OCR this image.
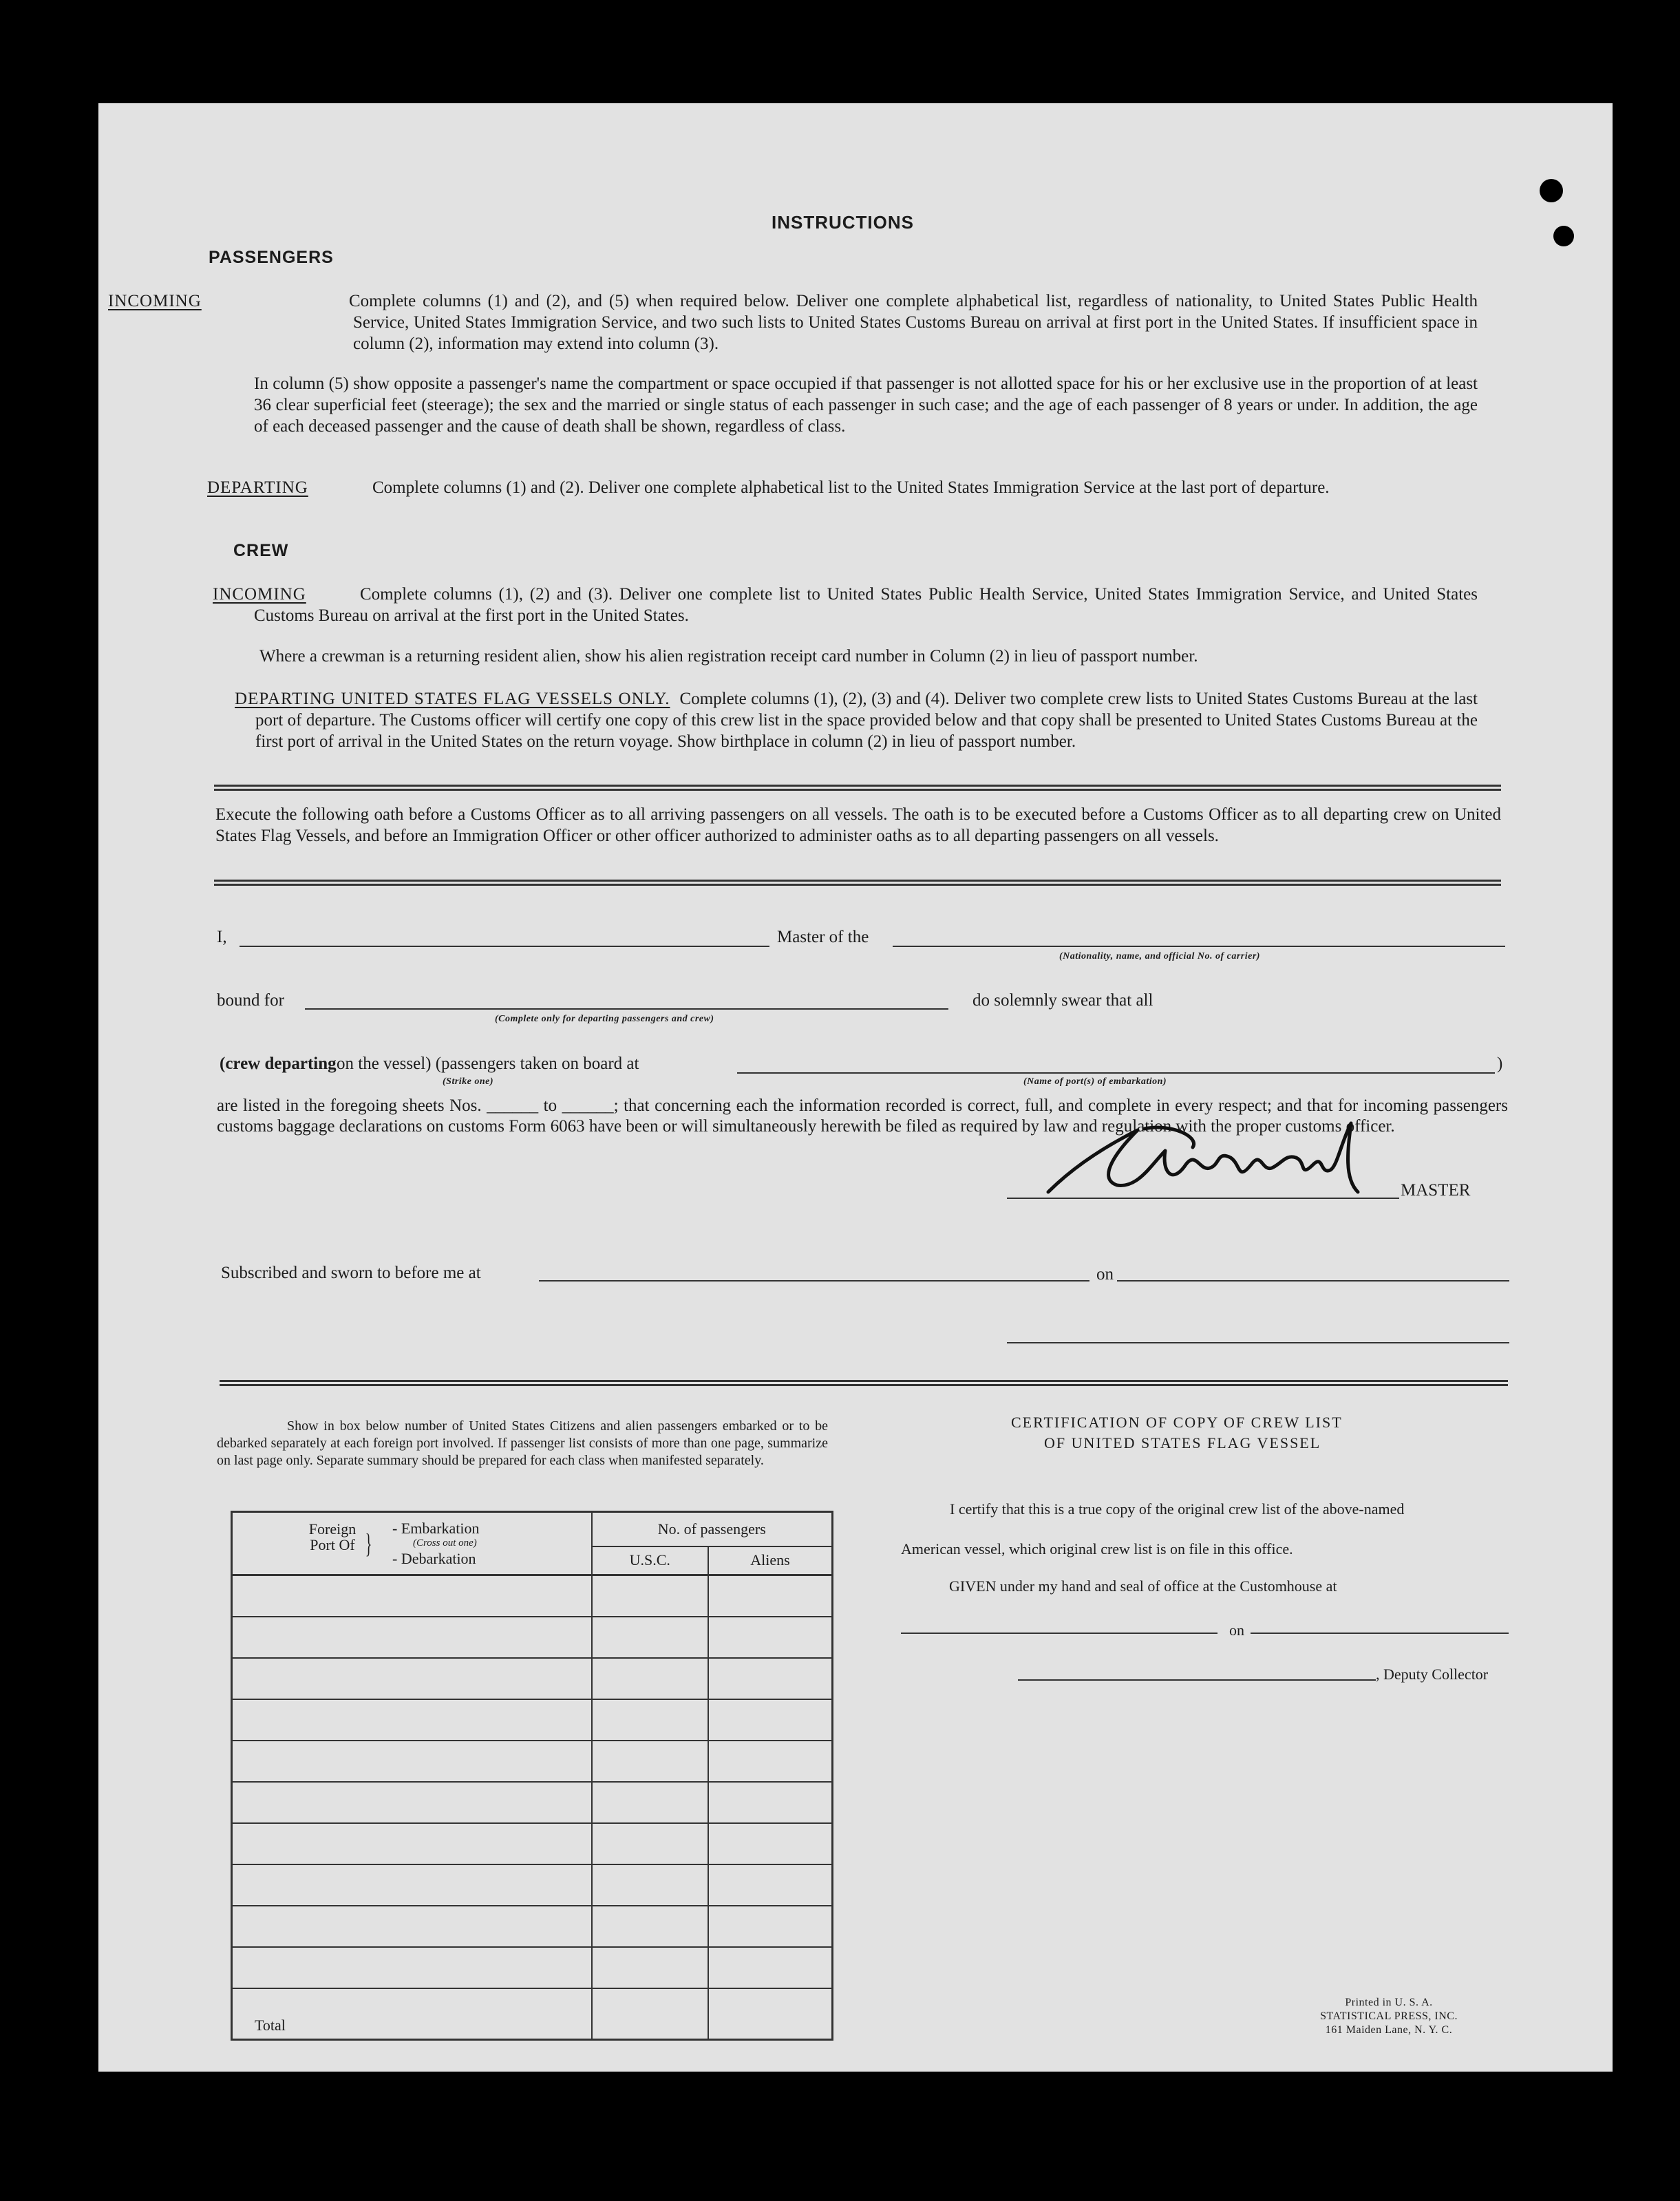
INSTRUCTIONS
PASSENGERS
INCOMING	Complete columns (1) and (2), and (5) when required below. Deliver one complete alphabetical list, regardless of nationality, to United States Public Health Service, United States Immigration Service, and two such lists to United States Customs Bureau on arrival at first port in the United States. If insufficient space in column (2), information may extend into column (3).
In column (5) show opposite a passenger's name the compartment or space occupied if that passenger is not allotted space for his or her exclusive use in the proportion of at least 36 clear superficial feet (steerage); the sex and the married or single status of each passenger in such case; and the age of each passenger of 8 years or under. In addition, the age of each deceased passenger and the cause of death shall be shown, regardless of class.
DEPARTING	Complete columns (1) and (2). Deliver one complete alphabetical list to the United States Immigration Service at the last port of departure.
CREW
INCOMING	Complete columns (1), (2) and (3). Deliver one complete list to United States Public Health Service, United States Immigration Service, and United States Customs Bureau on arrival at the first port in the United States.
Where a crewman is a returning resident alien, show his alien registration receipt card number in Column (2) in lieu of passport number.
DEPARTING UNITED STATES FLAG VESSELS ONLY. Complete columns (1), (2), (3) and (4). Deliver two complete crew lists to United States Customs Bureau at the last port of departure. The Customs officer will certify one copy of this crew list in the space provided below and that copy shall be presented to United States Customs Bureau at the first port of arrival in the United States on the return voyage. Show birthplace in column (2) in lieu of passport number.
Execute the following oath before a Customs Officer as to all arriving passengers on all vessels. The oath is to be executed before a Customs Officer as to all departing crew on United States Flag Vessels, and before an Immigration Officer or other officer authorized to administer oaths as to all departing passengers on all vessels.
I,	Master of the
(Nationality, name, and official No. of carrier)
bound for
(Complete only for departing passengers and crew)
do solemnly swear that all
(crew departing on the vessel) (passengers taken on board at	)
(Strike one)	(Name of port(s) of embarkation)
are listed in the foregoing sheets Nos. ______ to ______; that concerning each the information recorded is correct, full, and complete in every respect; and that for incoming passengers customs baggage declarations on customs Form 6063 have been or will simultaneously herewith be filed as required by law and regulation with the proper customs officer.
MASTER
Subscribed and sworn to before me at	on
Show in box below number of United States Citizens and alien passengers embarked or to be debarked separately at each foreign port involved. If passenger list consists of more than one page, summarize on last page only. Separate summary should be prepared for each class when manifested separately.
Foreign Port Of } - Embarkation
(Cross out one)
- Debarkation	No. of passengers	
	U.S.C.	Aliens

Total		
CERTIFICATION OF COPY OF CREW LIST
OF UNITED STATES FLAG VESSEL
I certify that this is a true copy of the original crew list of the above-named
American vessel, which original crew list is on file in this office.
GIVEN under my hand and seal of office at the Customhouse at
on
, Deputy Collector
Printed in U. S. A.
STATISTICAL PRESS, INC.
161 Maiden Lane, N. Y. C.
